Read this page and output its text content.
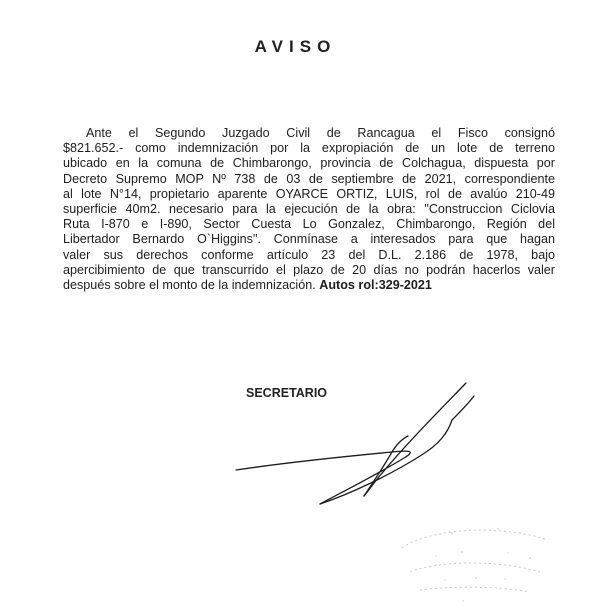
AVISO
Ante el Segundo Juzgado Civil de Rancagua el Fisco consignó
$821.652.- como indemnización por la expropiación de un lote de terreno
ubicado en la comuna de Chimbarongo, provincia de Colchagua, dispuesta por
Decreto Supremo MOP Nº 738 de 03 de septiembre de 2021, correspondiente
al lote N°14, propietario aparente OYARCE ORTIZ, LUIS, rol de avalúo 210-49
superficie 40m2. necesario para la ejecución de la obra: "Construccion Ciclovia
Ruta I-870 e I-890, Sector Cuesta Lo Gonzalez, Chimbarongo, Región del
Libertador Bernardo O`Higgins". Conmínase a interesados para que hagan
valer sus derechos conforme artículo 23 del D.L. 2.186 de 1978, bajo
apercibimiento de que transcurrido el plazo de 20 días no podrán hacerlos valer
después sobre el monto de la indemnización. Autos rol:329-2021
SECRETARIO
